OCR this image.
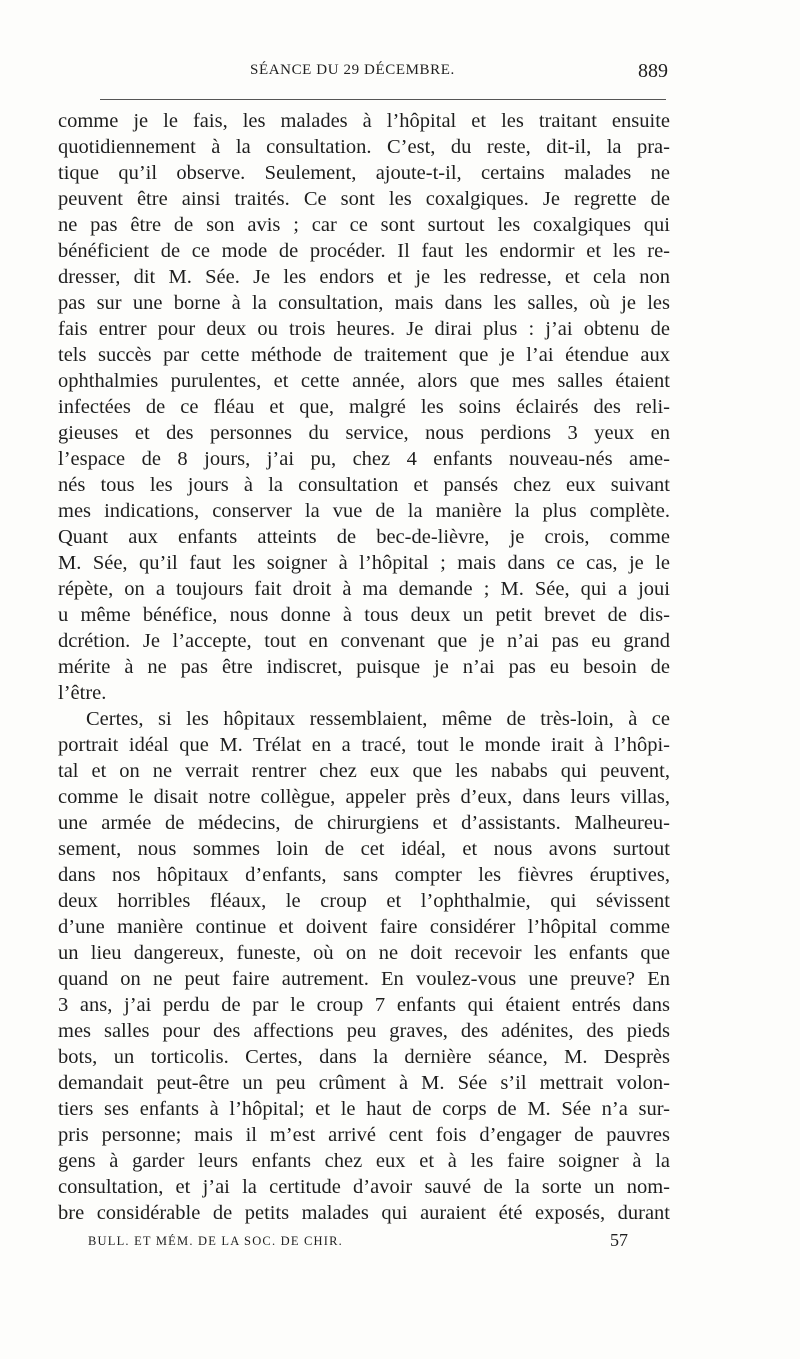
SÉANCE DU 29 DÉCEMBRE.	889
comme je le fais, les malades à l’hôpital et les traitant ensuite
quotidiennement à la consultation. C’est, du reste, dit-il, la pra-
tique qu’il observe. Seulement, ajoute-t-il, certains malades ne
peuvent être ainsi traités. Ce sont les coxalgiques. Je regrette de
ne pas être de son avis ; car ce sont surtout les coxalgiques qui
bénéficient de ce mode de procéder. Il faut les endormir et les re-
dresser, dit M. Sée. Je les endors et je les redresse, et cela non
pas sur une borne à la consultation, mais dans les salles, où je les
fais entrer pour deux ou trois heures. Je dirai plus : j’ai obtenu de
tels succès par cette méthode de traitement que je l’ai étendue aux
ophthalmies purulentes, et cette année, alors que mes salles étaient
infectées de ce fléau et que, malgré les soins éclairés des reli-
gieuses et des personnes du service, nous perdions 3 yeux en
l’espace de 8 jours, j’ai pu, chez 4 enfants nouveau-nés ame-
nés tous les jours à la consultation et pansés chez eux suivant
mes indications, conserver la vue de la manière la plus complète.
Quant aux enfants atteints de bec-de-lièvre, je crois, comme
M. Sée, qu’il faut les soigner à l’hôpital ; mais dans ce cas, je le
répète, on a toujours fait droit à ma demande ; M. Sée, qui a joui
u même bénéfice, nous donne à tous deux un petit brevet de dis-
dcrétion. Je l’accepte, tout en convenant que je n’ai pas eu grand
mérite à ne pas être indiscret, puisque je n’ai pas eu besoin de
l’être.
Certes, si les hôpitaux ressemblaient, même de très-loin, à ce
portrait idéal que M. Trélat en a tracé, tout le monde irait à l’hôpi-
tal et on ne verrait rentrer chez eux que les nababs qui peuvent,
comme le disait notre collègue, appeler près d’eux, dans leurs villas,
une armée de médecins, de chirurgiens et d’assistants. Malheureu-
sement, nous sommes loin de cet idéal, et nous avons surtout
dans nos hôpitaux d’enfants, sans compter les fièvres éruptives,
deux horribles fléaux, le croup et l’ophthalmie, qui sévissent
d’une manière continue et doivent faire considérer l’hôpital comme
un lieu dangereux, funeste, où on ne doit recevoir les enfants que
quand on ne peut faire autrement. En voulez-vous une preuve? En
3 ans, j’ai perdu de par le croup 7 enfants qui étaient entrés dans
mes salles pour des affections peu graves, des adénites, des pieds
bots, un torticolis. Certes, dans la dernière séance, M. Desprès
demandait peut-être un peu crûment à M. Sée s’il mettrait volon-
tiers ses enfants à l’hôpital; et le haut de corps de M. Sée n’a sur-
pris personne; mais il m’est arrivé cent fois d’engager de pauvres
gens à garder leurs enfants chez eux et à les faire soigner à la
consultation, et j’ai la certitude d’avoir sauvé de la sorte un nom-
bre considérable de petits malades qui auraient été exposés, durant
BULL. ET MÉM. DE LA SOC. DE CHIR.	57
